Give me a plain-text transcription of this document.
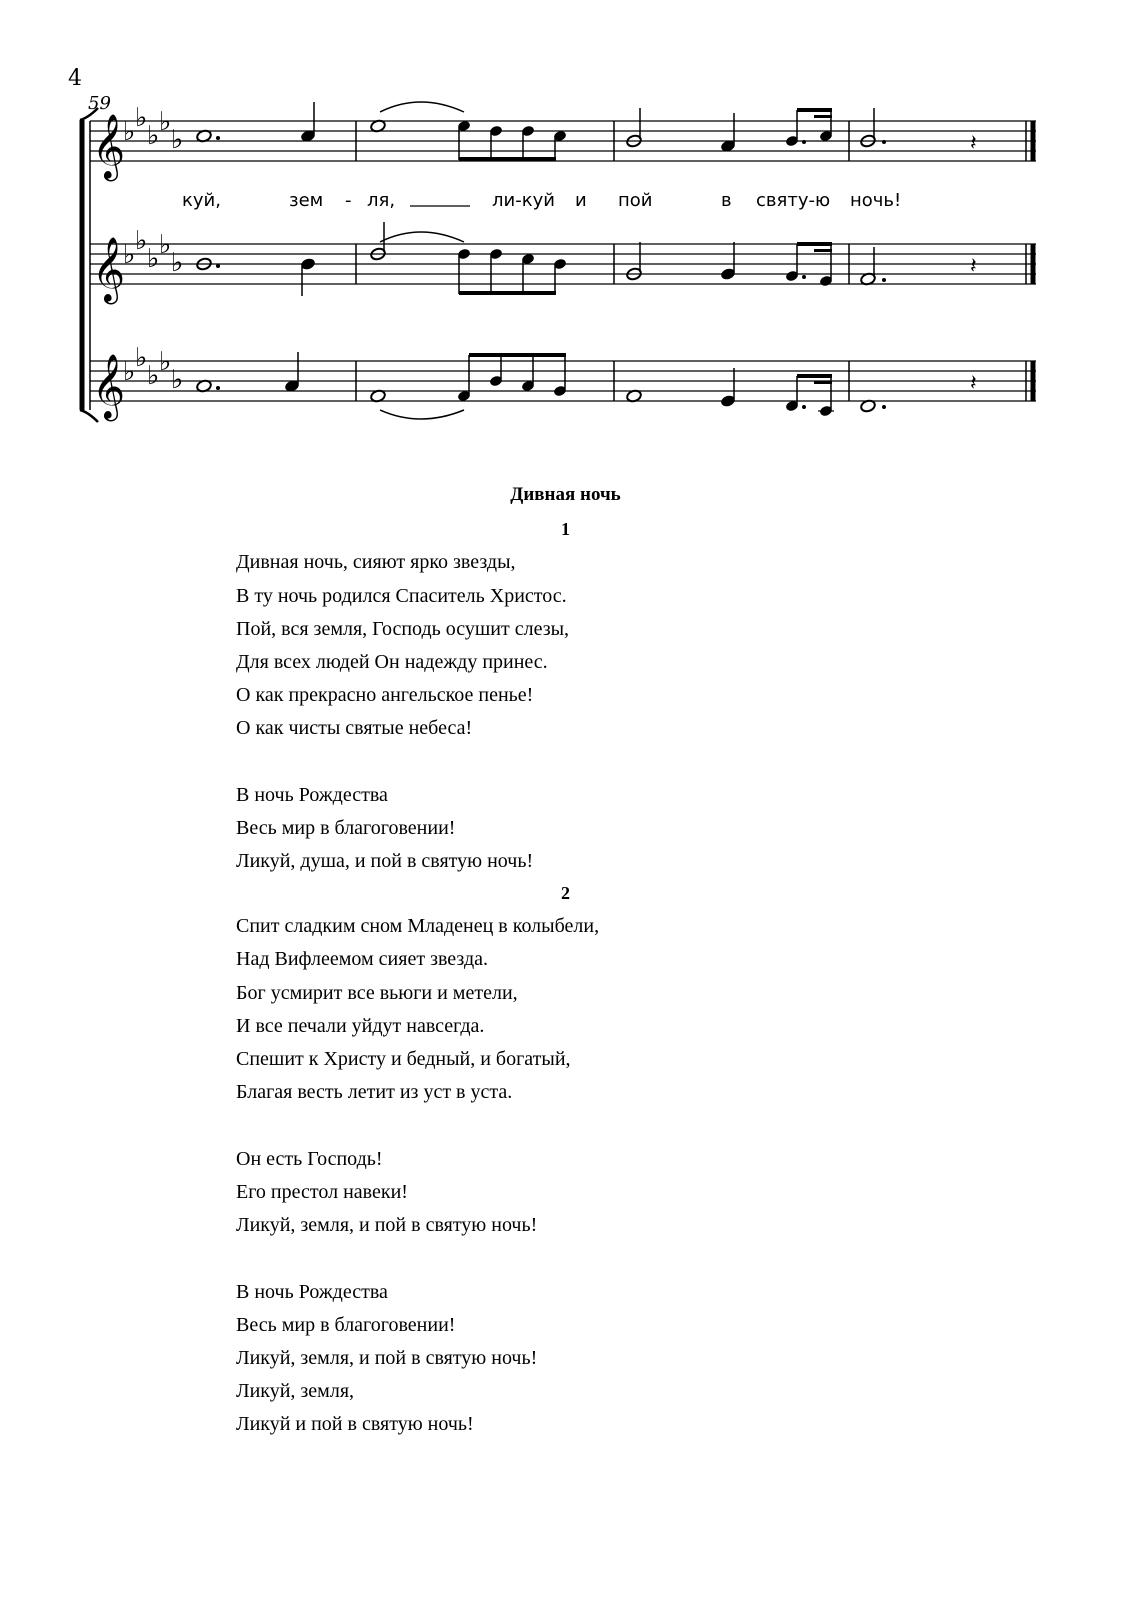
4
59
𝄞
♭ ♭
♭ ♭
♭	𝄽
куй,	зем - ля,	ли-куй и пой	в святу-ю ночь!
𝄞
♭ ♭
♭ ♭
♭	𝄽
𝄞
♭ ♭
♭ ♭
♭	𝄽
Дивная ночь
1
Дивная ночь, сияют ярко звезды,
В ту ночь родился Спаситель Христос.
Пой, вся земля, Господь осушит слезы,
Для всех людей Он надежду принес.
О как прекрасно ангельское пенье!
О как чисты святые небеса!
В ночь Рождества
Весь мир в благоговении!
Ликуй, душа, и пой в святую ночь!
2
Спит сладким сном Младенец в колыбели,
Над Вифлеемом сияет звезда.
Бог усмирит все вьюги и метели,
И все печали уйдут навсегда.
Спешит к Христу и бедный, и богатый,
Благая весть летит из уст в уста.
Он есть Господь!
Его престол навеки!
Ликуй, земля, и пой в святую ночь!
В ночь Рождества
Весь мир в благоговении!
Ликуй, земля, и пой в святую ночь!
Ликуй, земля,
Ликуй и пой в святую ночь!
